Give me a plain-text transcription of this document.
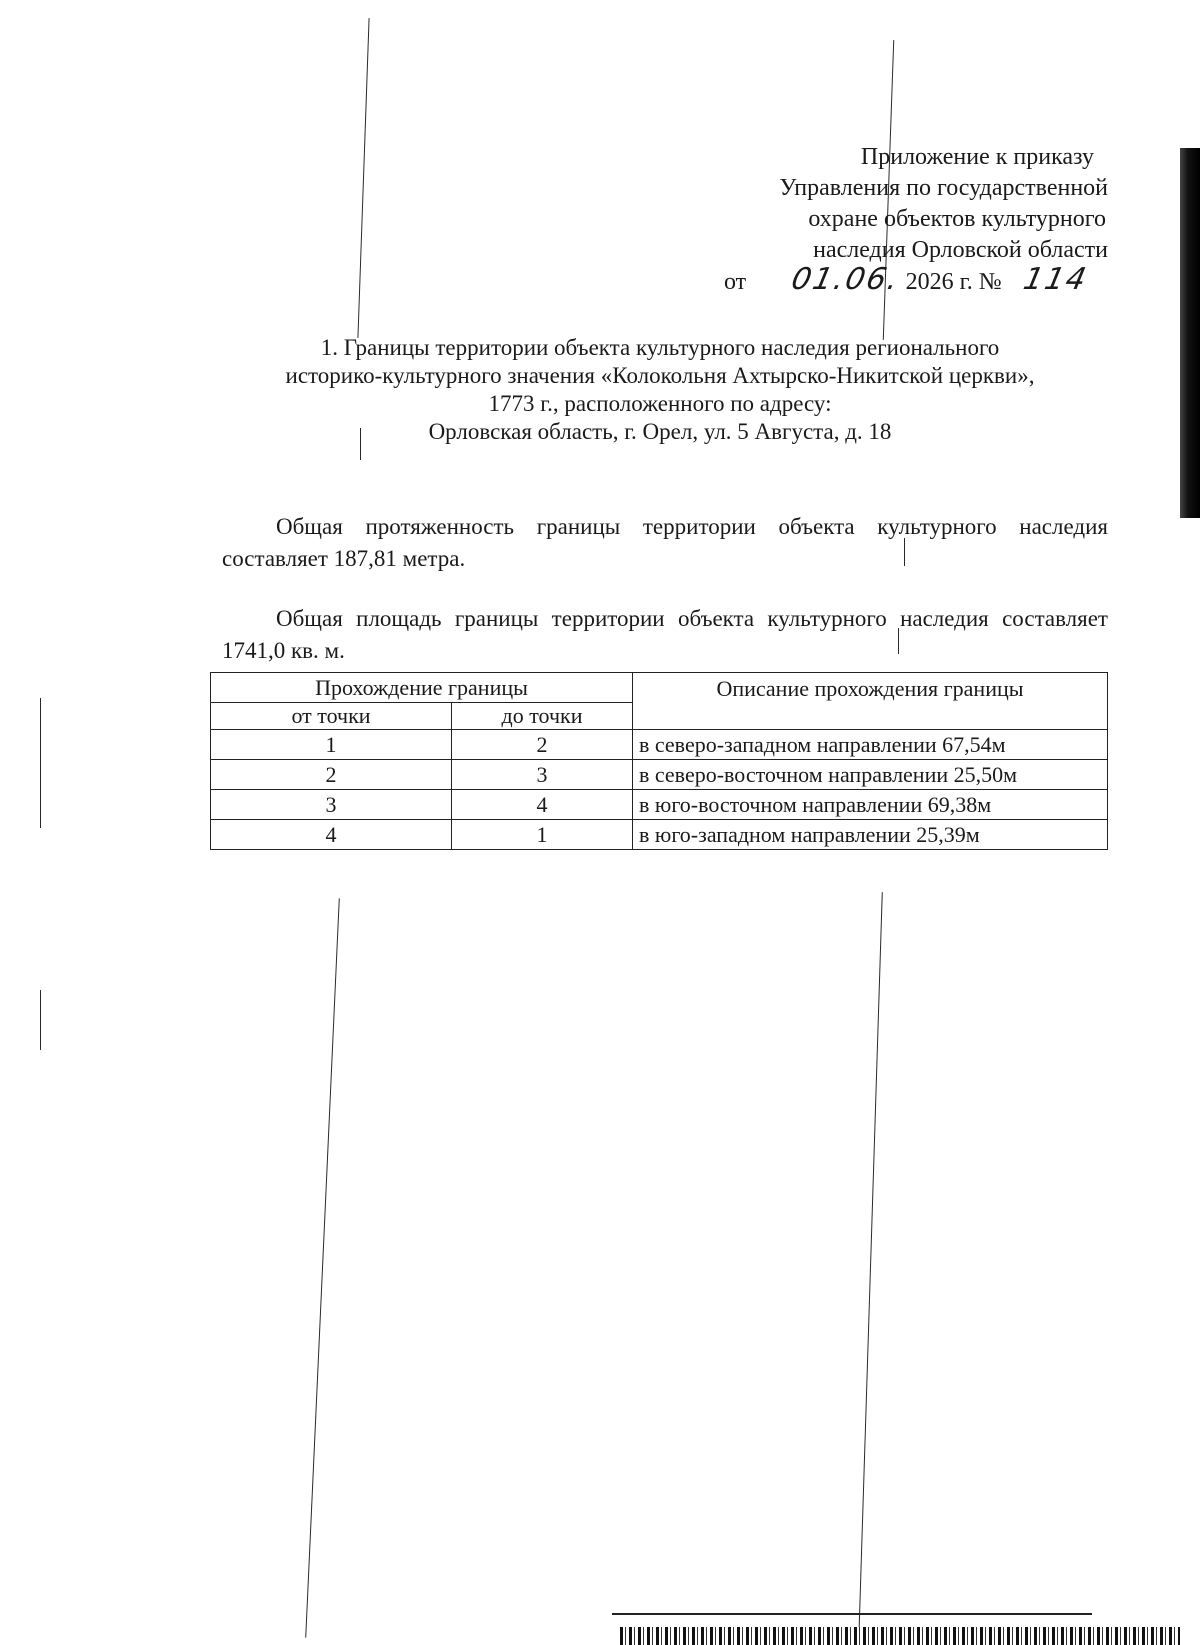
Приложение к приказу
Управления по государственной
охране объектов культурного
наследия Орловской области
от 01.06. 2026 г. № 114
1. Границы территории объекта культурного наследия регионального
историко-культурного значения «Колокольня Ахтырско-Никитской церкви»,
1773 г., расположенного по адресу:
Орловская область, г. Орел, ул. 5 Августа, д. 18

Общая протяженность границы территории объекта культурного наследия составляет 187,81 метра.

Общая площадь границы территории объекта культурного наследия составляет 1741,0 кв. м.

Прохождение границы		Описание прохождения границы
от точки	до точки	
1	2	в северо-западном направлении 67,54м
2	3	в северо-восточном направлении 25,50м
3	4	в юго-восточном направлении 69,38м
4	1	в юго-западном направлении 25,39м
